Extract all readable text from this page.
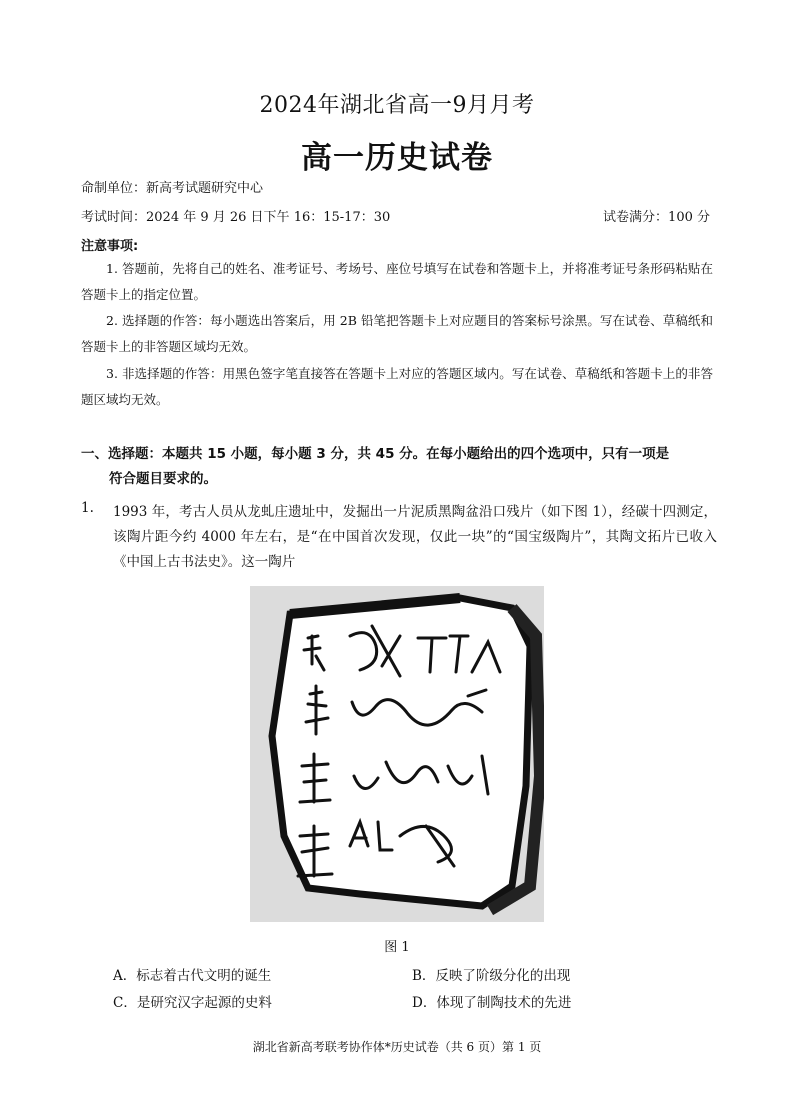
2024年湖北省高一9月月考
高一历史试卷
命制单位：新高考试题研究中心
考试时间：2024 年 9 月 26 日下午 16：15-17：30	试卷满分：100 分
注意事项:
1. 答题前，先将自己的姓名、准考证号、考场号、座位号填写在试卷和答题卡上，并将准考证号条形码粘贴在答题卡上的指定位置。
2. 选择题的作答：每小题选出答案后，用 2B 铅笔把答题卡上对应题目的答案标号涂黑。写在试卷、草稿纸和答题卡上的非答题区域均无效。
3. 非选择题的作答：用黑色签字笔直接答在答题卡上对应的答题区域内。写在试卷、草稿纸和答题卡上的非答题区域均无效。
一、选择题：本题共 15 小题，每小题 3 分，共 45 分。在每小题给出的四个选项中，只有一项是
符合题目要求的。
1. 1993 年，考古人员从龙虬庄遗址中，发掘出一片泥质黑陶盆沿口残片（如下图 1），经碳十四测定，该陶片距今约 4000 年左右，是“在中国首次发现，仅此一块”的“国宝级陶片”，其陶文拓片已收入《中国上古书法史》。这一陶片
图 1
A．标志着古代文明的诞生	B．反映了阶级分化的出现
C．是研究汉字起源的史料	D．体现了制陶技术的先进
湖北省新高考联考协作体*历史试卷（共 6 页）第 1 页
